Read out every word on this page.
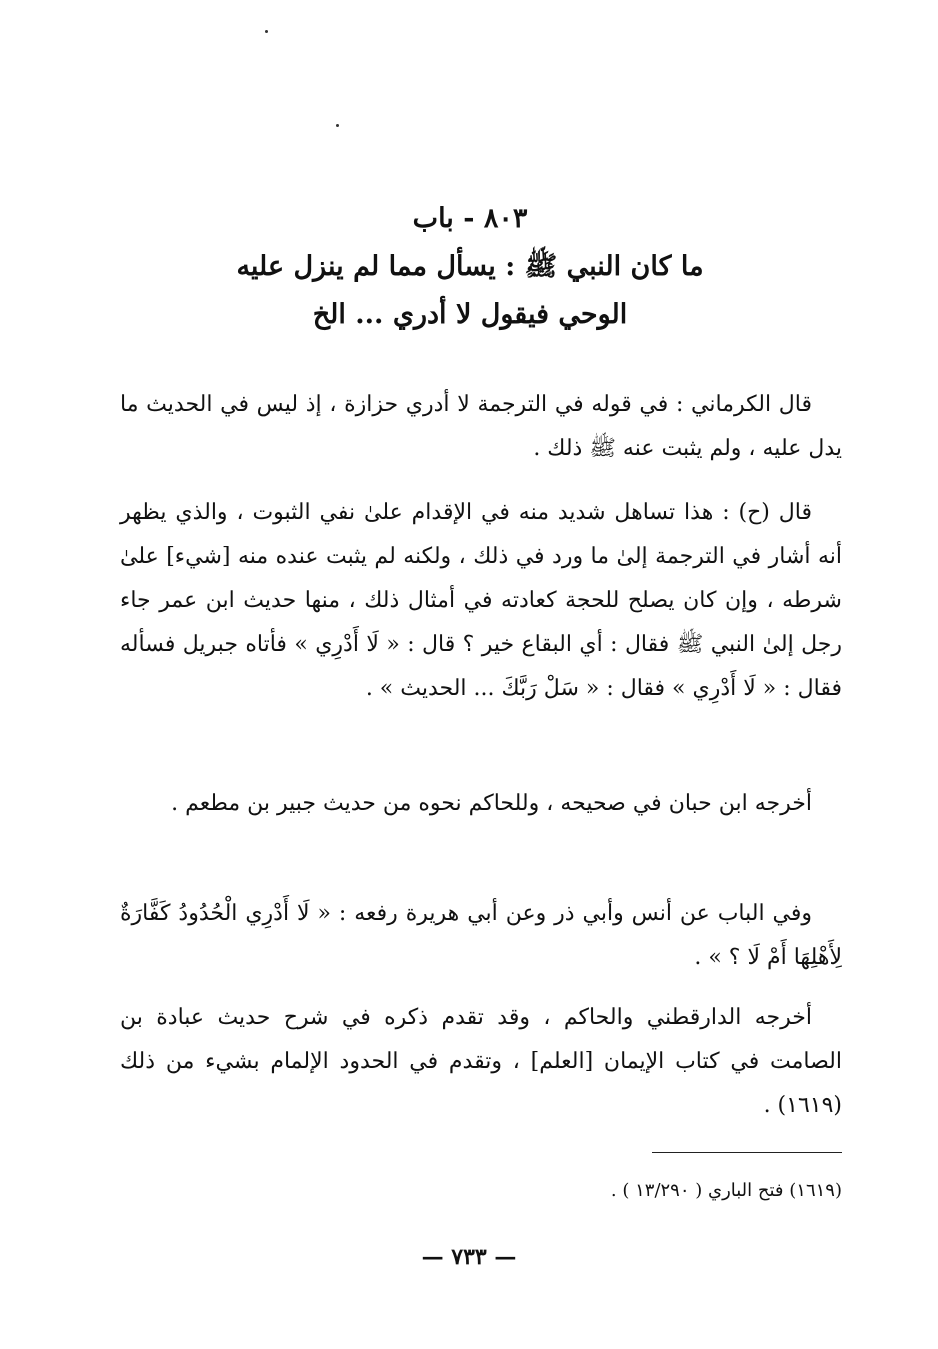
٨٠٣ - باب
ما كان النبي ﷺ : يسأل مما لم ينزل عليه
الوحي فيقول لا أدري ... الخ

قال الكرماني : في قوله في الترجمة لا أدري حزازة ، إذ ليس في الحديث ما يدل عليه ، ولم يثبت عنه ﷺ ذلك .

قال (ح) : هذا تساهل شديد منه في الإقدام علىٰ نفي الثبوت ، والذي يظهر أنه أشار في الترجمة إلىٰ ما ورد في ذلك ، ولكنه لم يثبت عنده منه [شيء] علىٰ شرطه ، وإن كان يصلح للحجة كعادته في أمثال ذلك ، منها حديث ابن عمر جاء رجل إلىٰ النبي ﷺ فقال : أي البقاع خير ؟ قال : « لَا أَدْرِي » فأتاه جبريل فسأله فقال : « لَا أَدْرِي » فقال : « سَلْ رَبَّكَ ... الحديث » .

أخرجه ابن حبان في صحيحه ، وللحاكم نحوه من حديث جبير بن مطعم .

وفي الباب عن أنس وأبي ذر وعن أبي هريرة رفعه : « لَا أَدْرِي الْحُدُودُ كَفَّارَةٌ لِأَهْلِهَا أَمْ لَا ؟ » .

أخرجه الدارقطني والحاكم ، وقد تقدم ذكره في شرح حديث عبادة بن الصامت في كتاب الإيمان [العلم] ، وتقدم في الحدود الإلمام بشيء من ذلك (١٦١٩) .

(١٦١٩) فتح الباري ( ١٣/٢٩٠ ) .
— ٧٣٣ —
